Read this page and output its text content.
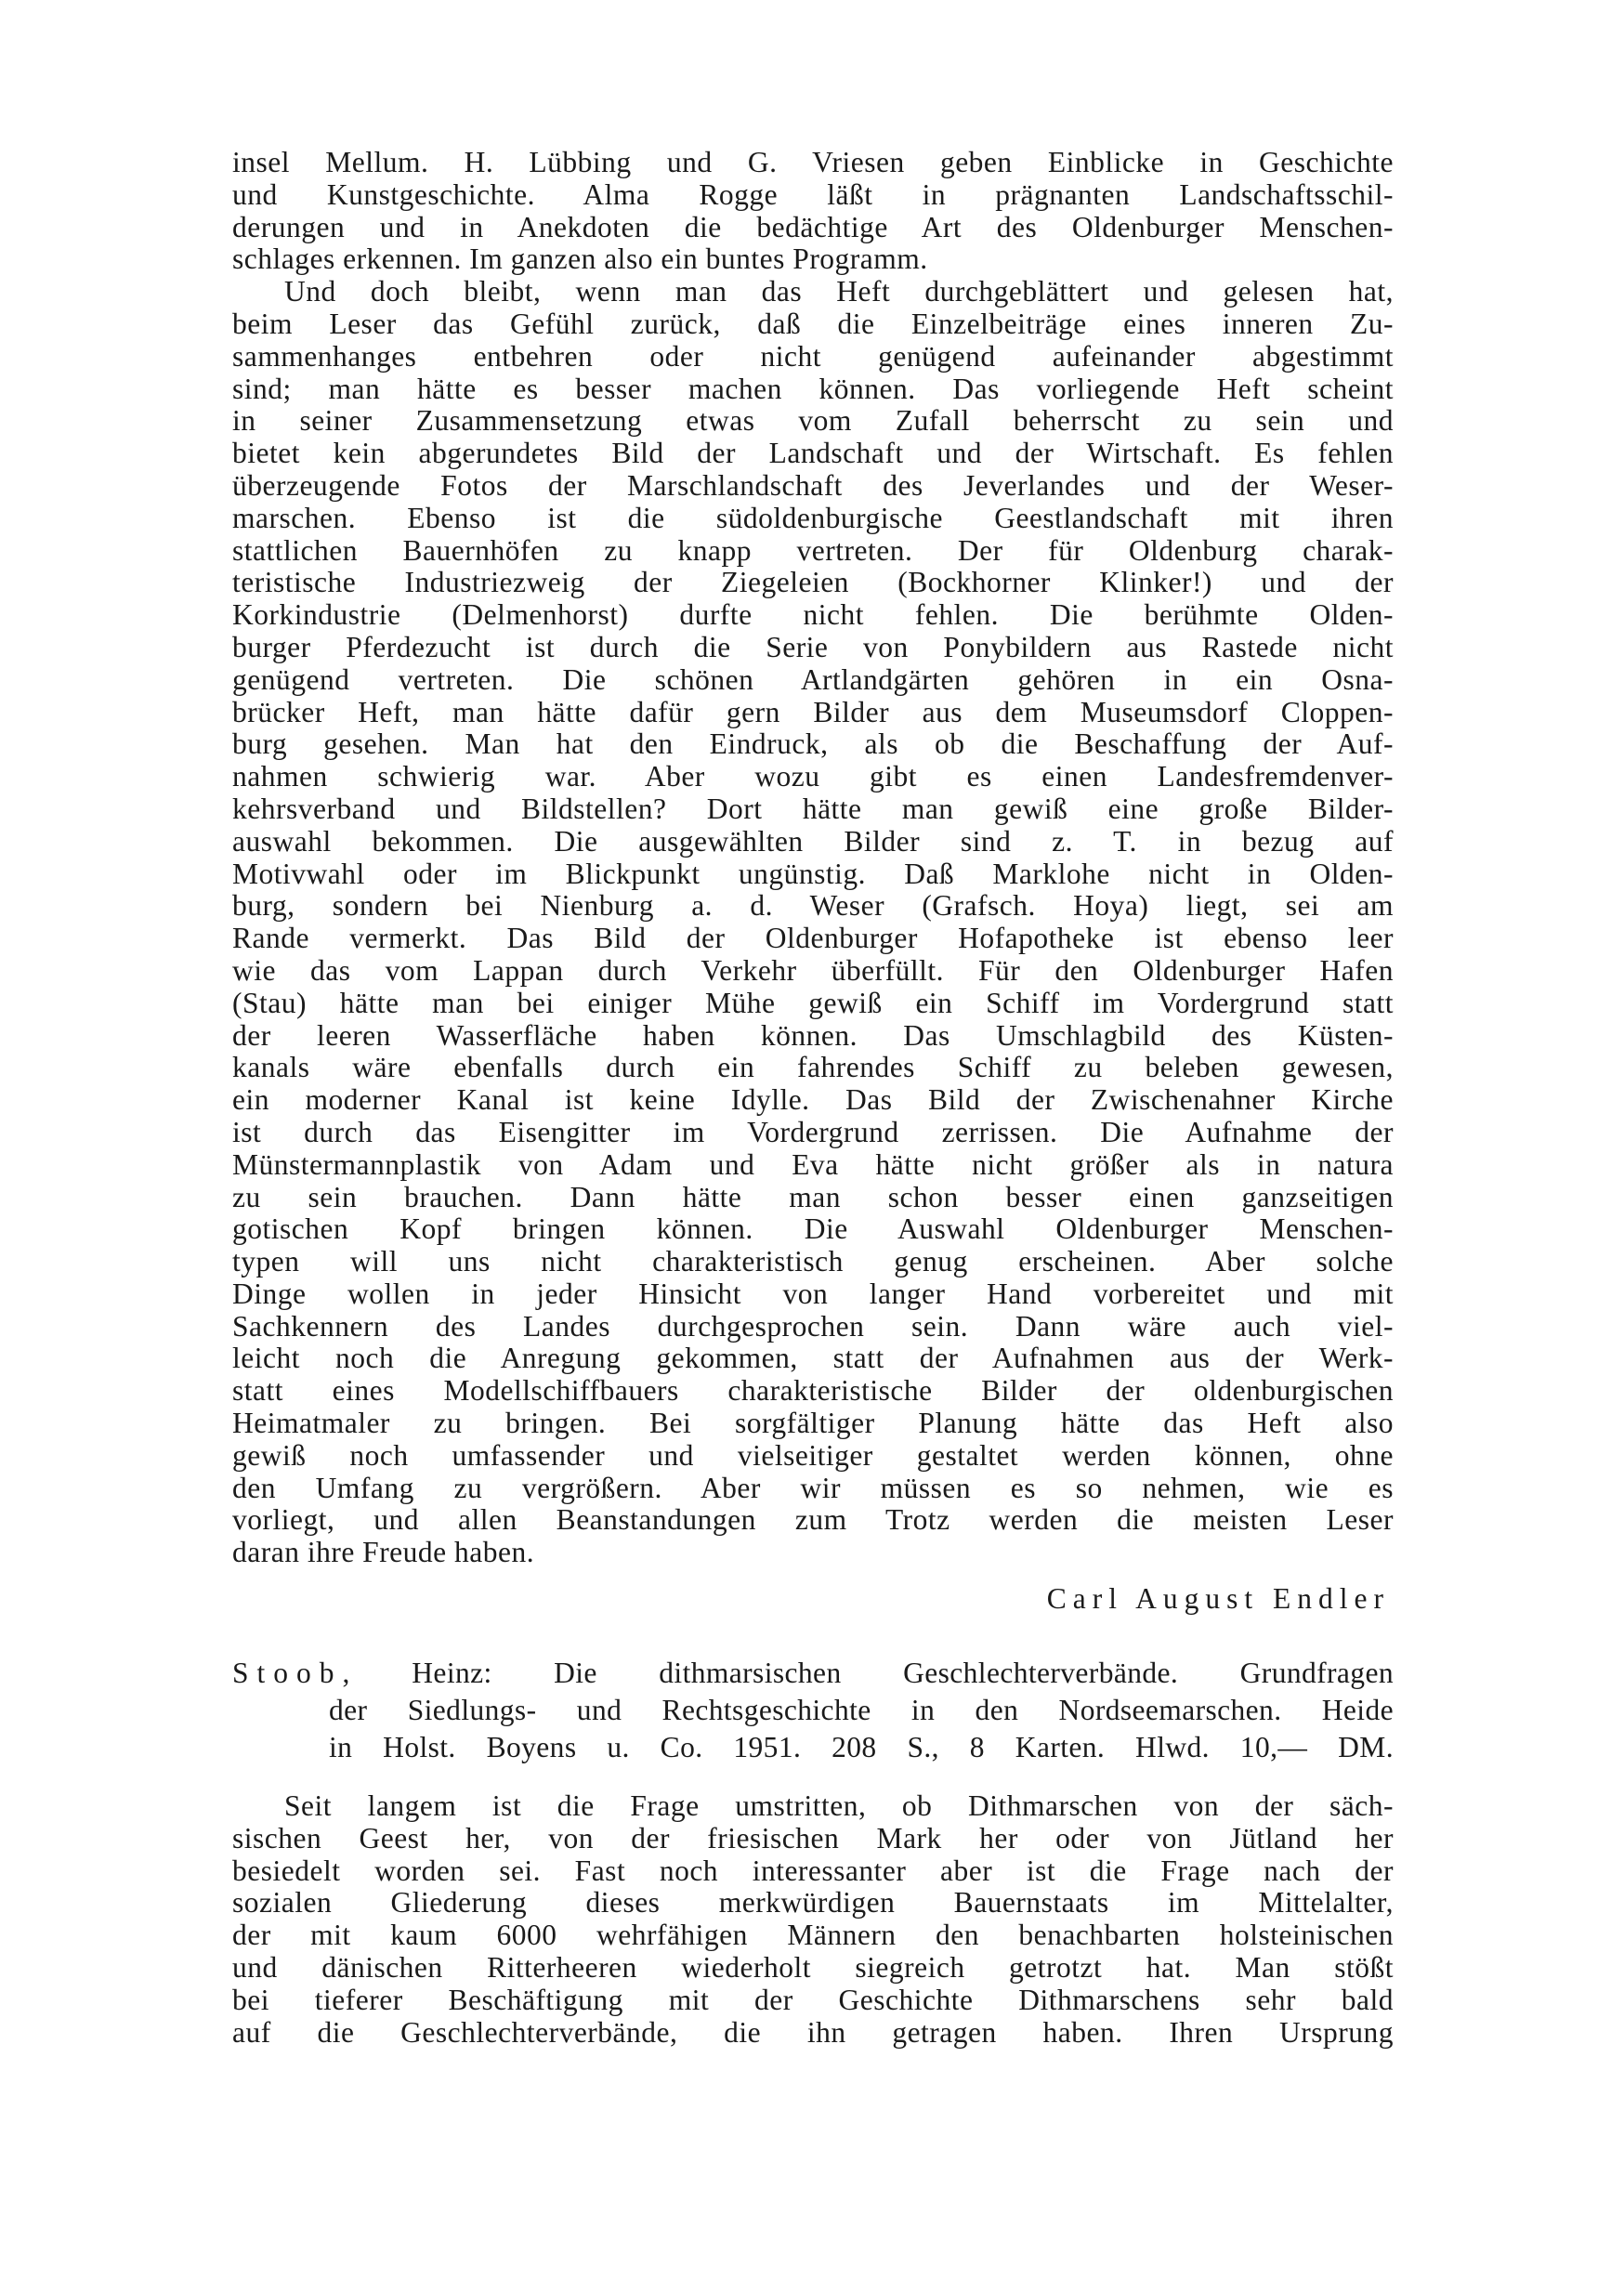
insel Mellum. H. Lübbing und G. Vriesen geben Einblicke in Geschichte
und Kunstgeschichte. Alma Rogge läßt in prägnanten Landschaftsschil-
derungen und in Anekdoten die bedächtige Art des Oldenburger Menschen-
schlages erkennen. Im ganzen also ein buntes Programm.
Und doch bleibt, wenn man das Heft durchgeblättert und gelesen hat,
beim Leser das Gefühl zurück, daß die Einzelbeiträge eines inneren Zu-
sammenhanges entbehren oder nicht genügend aufeinander abgestimmt
sind; man hätte es besser machen können. Das vorliegende Heft scheint
in seiner Zusammensetzung etwas vom Zufall beherrscht zu sein und
bietet kein abgerundetes Bild der Landschaft und der Wirtschaft. Es fehlen
überzeugende Fotos der Marschlandschaft des Jeverlandes und der Weser-
marschen. Ebenso ist die südoldenburgische Geestlandschaft mit ihren
stattlichen Bauernhöfen zu knapp vertreten. Der für Oldenburg charak-
teristische Industriezweig der Ziegeleien (Bockhorner Klinker!) und der
Korkindustrie (Delmenhorst) durfte nicht fehlen. Die berühmte Olden-
burger Pferdezucht ist durch die Serie von Ponybildern aus Rastede nicht
genügend vertreten. Die schönen Artlandgärten gehören in ein Osna-
brücker Heft, man hätte dafür gern Bilder aus dem Museumsdorf Cloppen-
burg gesehen. Man hat den Eindruck, als ob die Beschaffung der Auf-
nahmen schwierig war. Aber wozu gibt es einen Landesfremdenver-
kehrsverband und Bildstellen? Dort hätte man gewiß eine große Bilder-
auswahl bekommen. Die ausgewählten Bilder sind z. T. in bezug auf
Motivwahl oder im Blickpunkt ungünstig. Daß Marklohe nicht in Olden-
burg, sondern bei Nienburg a. d. Weser (Grafsch. Hoya) liegt, sei am
Rande vermerkt. Das Bild der Oldenburger Hofapotheke ist ebenso leer
wie das vom Lappan durch Verkehr überfüllt. Für den Oldenburger Hafen
(Stau) hätte man bei einiger Mühe gewiß ein Schiff im Vordergrund statt
der leeren Wasserfläche haben können. Das Umschlagbild des Küsten-
kanals wäre ebenfalls durch ein fahrendes Schiff zu beleben gewesen,
ein moderner Kanal ist keine Idylle. Das Bild der Zwischenahner Kirche
ist durch das Eisengitter im Vordergrund zerrissen. Die Aufnahme der
Münstermannplastik von Adam und Eva hätte nicht größer als in natura
zu sein brauchen. Dann hätte man schon besser einen ganzseitigen
gotischen Kopf bringen können. Die Auswahl Oldenburger Menschen-
typen will uns nicht charakteristisch genug erscheinen. Aber solche
Dinge wollen in jeder Hinsicht von langer Hand vorbereitet und mit
Sachkennern des Landes durchgesprochen sein. Dann wäre auch viel-
leicht noch die Anregung gekommen, statt der Aufnahmen aus der Werk-
statt eines Modellschiffbauers charakteristische Bilder der oldenburgischen
Heimatmaler zu bringen. Bei sorgfältiger Planung hätte das Heft also
gewiß noch umfassender und vielseitiger gestaltet werden können, ohne
den Umfang zu vergrößern. Aber wir müssen es so nehmen, wie es
vorliegt, und allen Beanstandungen zum Trotz werden die meisten Leser
daran ihre Freude haben.
Carl August Endler
Stoob, Heinz: Die dithmarsischen Geschlechterverbände. Grundfragen
der Siedlungs- und Rechtsgeschichte in den Nordseemarschen. Heide
in Holst. Boyens u. Co. 1951. 208 S., 8 Karten. Hlwd. 10,— DM.
Seit langem ist die Frage umstritten, ob Dithmarschen von der säch-
sischen Geest her, von der friesischen Mark her oder von Jütland her
besiedelt worden sei. Fast noch interessanter aber ist die Frage nach der
sozialen Gliederung dieses merkwürdigen Bauernstaats im Mittelalter,
der mit kaum 6000 wehrfähigen Männern den benachbarten holsteinischen
und dänischen Ritterheeren wiederholt siegreich getrotzt hat. Man stößt
bei tieferer Beschäftigung mit der Geschichte Dithmarschens sehr bald
auf die Geschlechterverbände, die ihn getragen haben. Ihren Ursprung
